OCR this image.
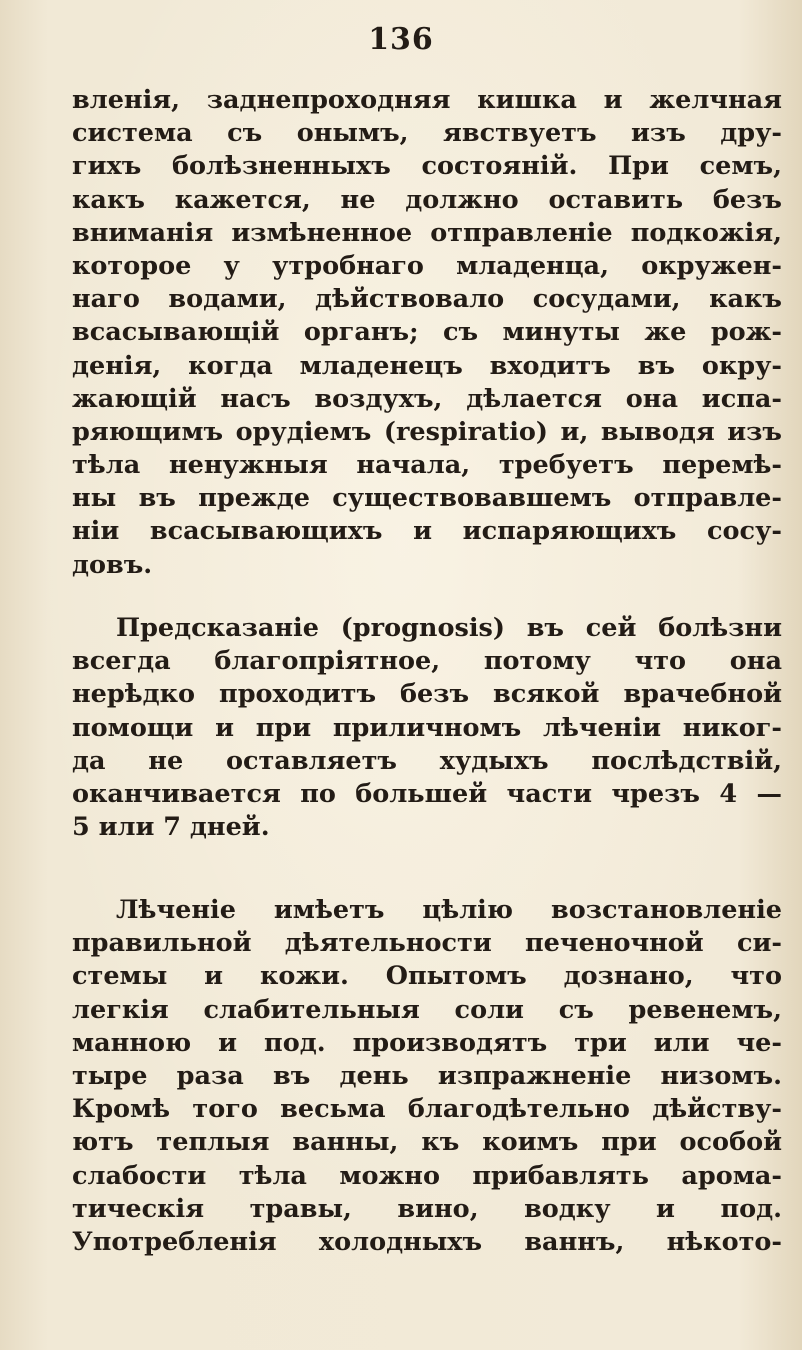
136
вленія, заднепроходняя кишка и желчная
система съ онымъ, явствуетъ изъ дру-
гихъ болѣзненныхъ состояній. При семъ,
какъ кажется, не должно оставить безъ
вниманія измѣненное отправленіе подкожія,
которое у утробнаго младенца, окружен-
наго водами, дѣйствовало сосудами, какъ
всасывающій органъ; съ минуты же рож-
денія, когда младенецъ входитъ въ окру-
жающій насъ воздухъ, дѣлается она испа-
ряющимъ орудіемъ (respiratio) и, выводя изъ
тѣла ненужныя начала, требуетъ перемѣ-
ны въ прежде существовавшемъ отправле-
ніи всасывающихъ и испаряющихъ сосу-
довъ.
Предсказаніе (prognosis) въ сей болѣзни
всегда благопріятное, потому что она
нерѣдко проходитъ безъ всякой врачебной
помощи и при приличномъ лѣченіи никог-
да не оставляетъ худыхъ послѣдствій,
оканчивается по большей части чрезъ 4 —
5 или 7 дней.
Лѣченіе имѣетъ цѣлію возстановленіе
правильной дѣятельности печеночной си-
стемы и кожи. Опытомъ дознано, что
легкія слабительныя соли съ ревенемъ,
манною и под. производятъ три или че-
тыре раза въ день изпражненіе низомъ.
Кромѣ того весьма благодѣтельно дѣйству-
ютъ теплыя ванны, къ коимъ при особой
слабости тѣла можно прибавлять арома-
тическія травы, вино, водку и под.
Употребленія холодныхъ ваннъ, нѣкото-
